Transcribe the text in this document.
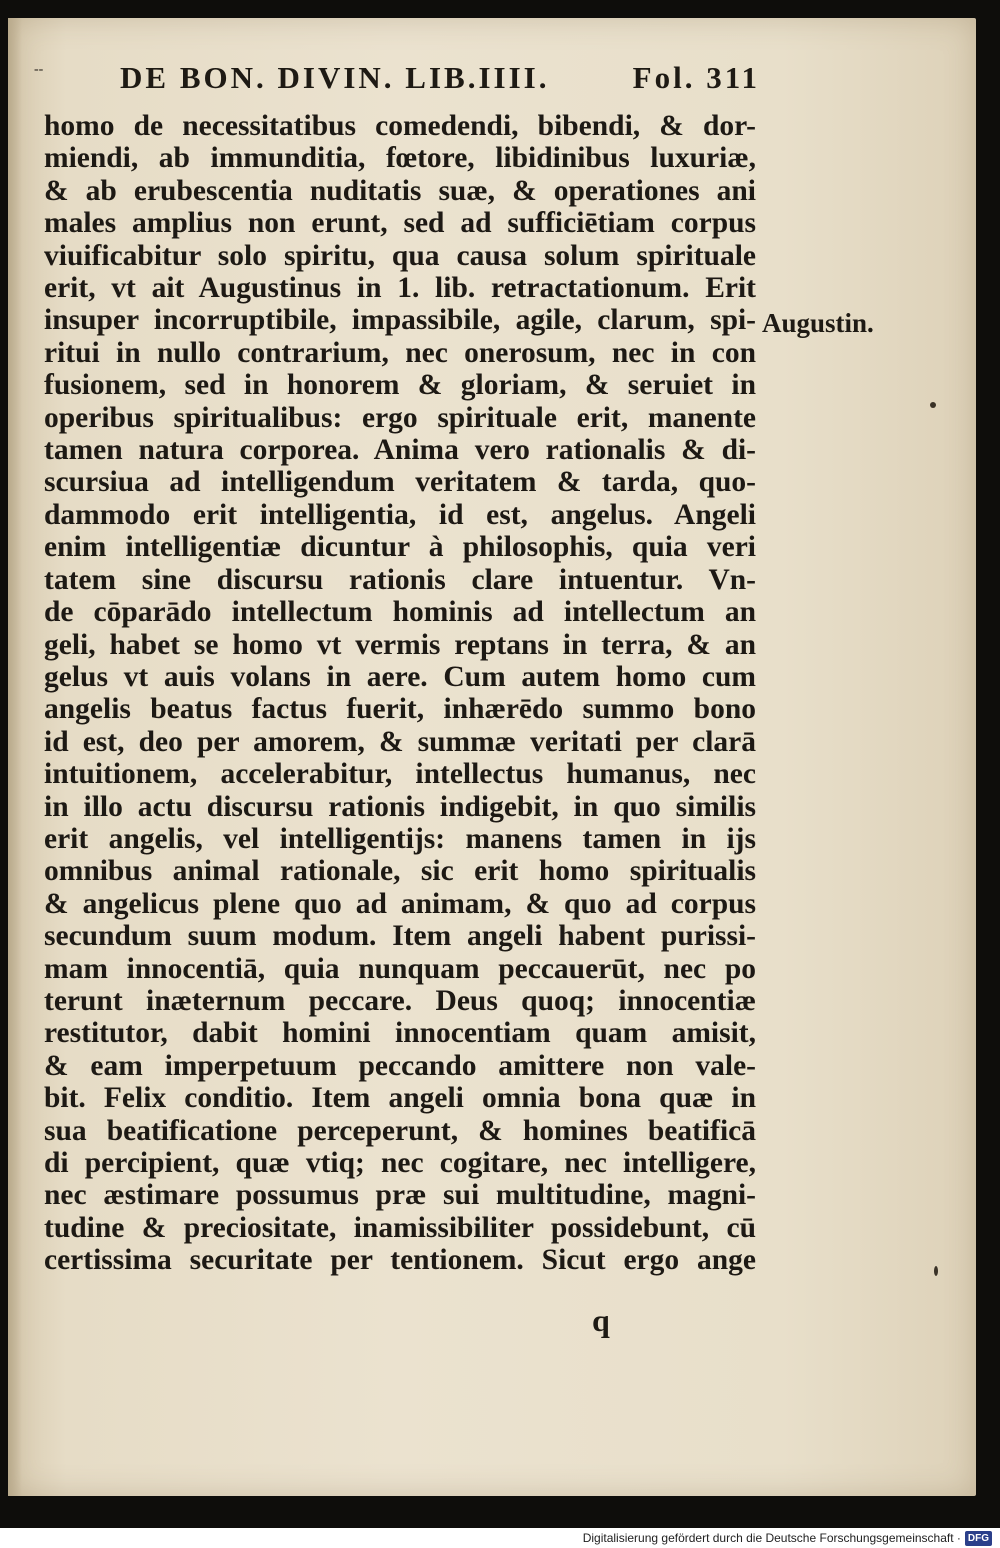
-- DE BON. DIVIN. LIB.IIII.	Fol. 311
homo de necessitatibus comedendi, bibendi, & dor-
miendi, ab immunditia, fœtore, libidinibus luxuriæ,
& ab erubescentia nuditatis suæ, & operationes ani
males amplius non erunt, sed ad sufficiētiam corpus
viuificabitur solo spiritu, qua causa solum spirituale
erit, vt ait Augustinus in 1. lib. retractationum. Erit
insuper incorruptibile, impassibile, agile, clarum, spi-
ritui in nullo contrarium, nec onerosum, nec in con
fusionem, sed in honorem & gloriam, & seruiet in
operibus spiritualibus: ergo spirituale erit, manente
tamen natura corporea. Anima vero rationalis & di-
scursiua ad intelligendum veritatem & tarda, quo-
dammodo erit intelligentia, id est, angelus. Angeli
enim intelligentiæ dicuntur à philosophis, quia veri
tatem sine discursu rationis clare intuentur. Vn-
de cōparādo intellectum hominis ad intellectum an
geli, habet se homo vt vermis reptans in terra, & an
gelus vt auis volans in aere. Cum autem homo cum
angelis beatus factus fuerit, inhærēdo summo bono
id est, deo per amorem, & summæ veritati per clarā
intuitionem, accelerabitur, intellectus humanus, nec
in illo actu discursu rationis indigebit, in quo similis
erit angelis, vel intelligentijs: manens tamen in ijs
omnibus animal rationale, sic erit homo spiritualis
& angelicus plene quo ad animam, & quo ad corpus
secundum suum modum. Item angeli habent purissi-
mam innocentiā, quia nunquam peccauerūt, nec po
terunt inæternum peccare. Deus quoq; innocentiæ
restitutor, dabit homini innocentiam quam amisit,
& eam imperpetuum peccando amittere non vale-
bit. Felix conditio. Item angeli omnia bona quæ in
sua beatificatione perceperunt, & homines beatificā
di percipient, quæ vtiq; nec cogitare, nec intelligere,
nec æstimare possumus præ sui multitudine, magni-
tudine & preciositate, inamissibiliter possidebunt, cū
certissima securitate per tentionem. Sicut ergo ange
Augustin.
q
Digitalisierung gefördert durch die Deutsche Forschungsgemeinschaft · DFG
